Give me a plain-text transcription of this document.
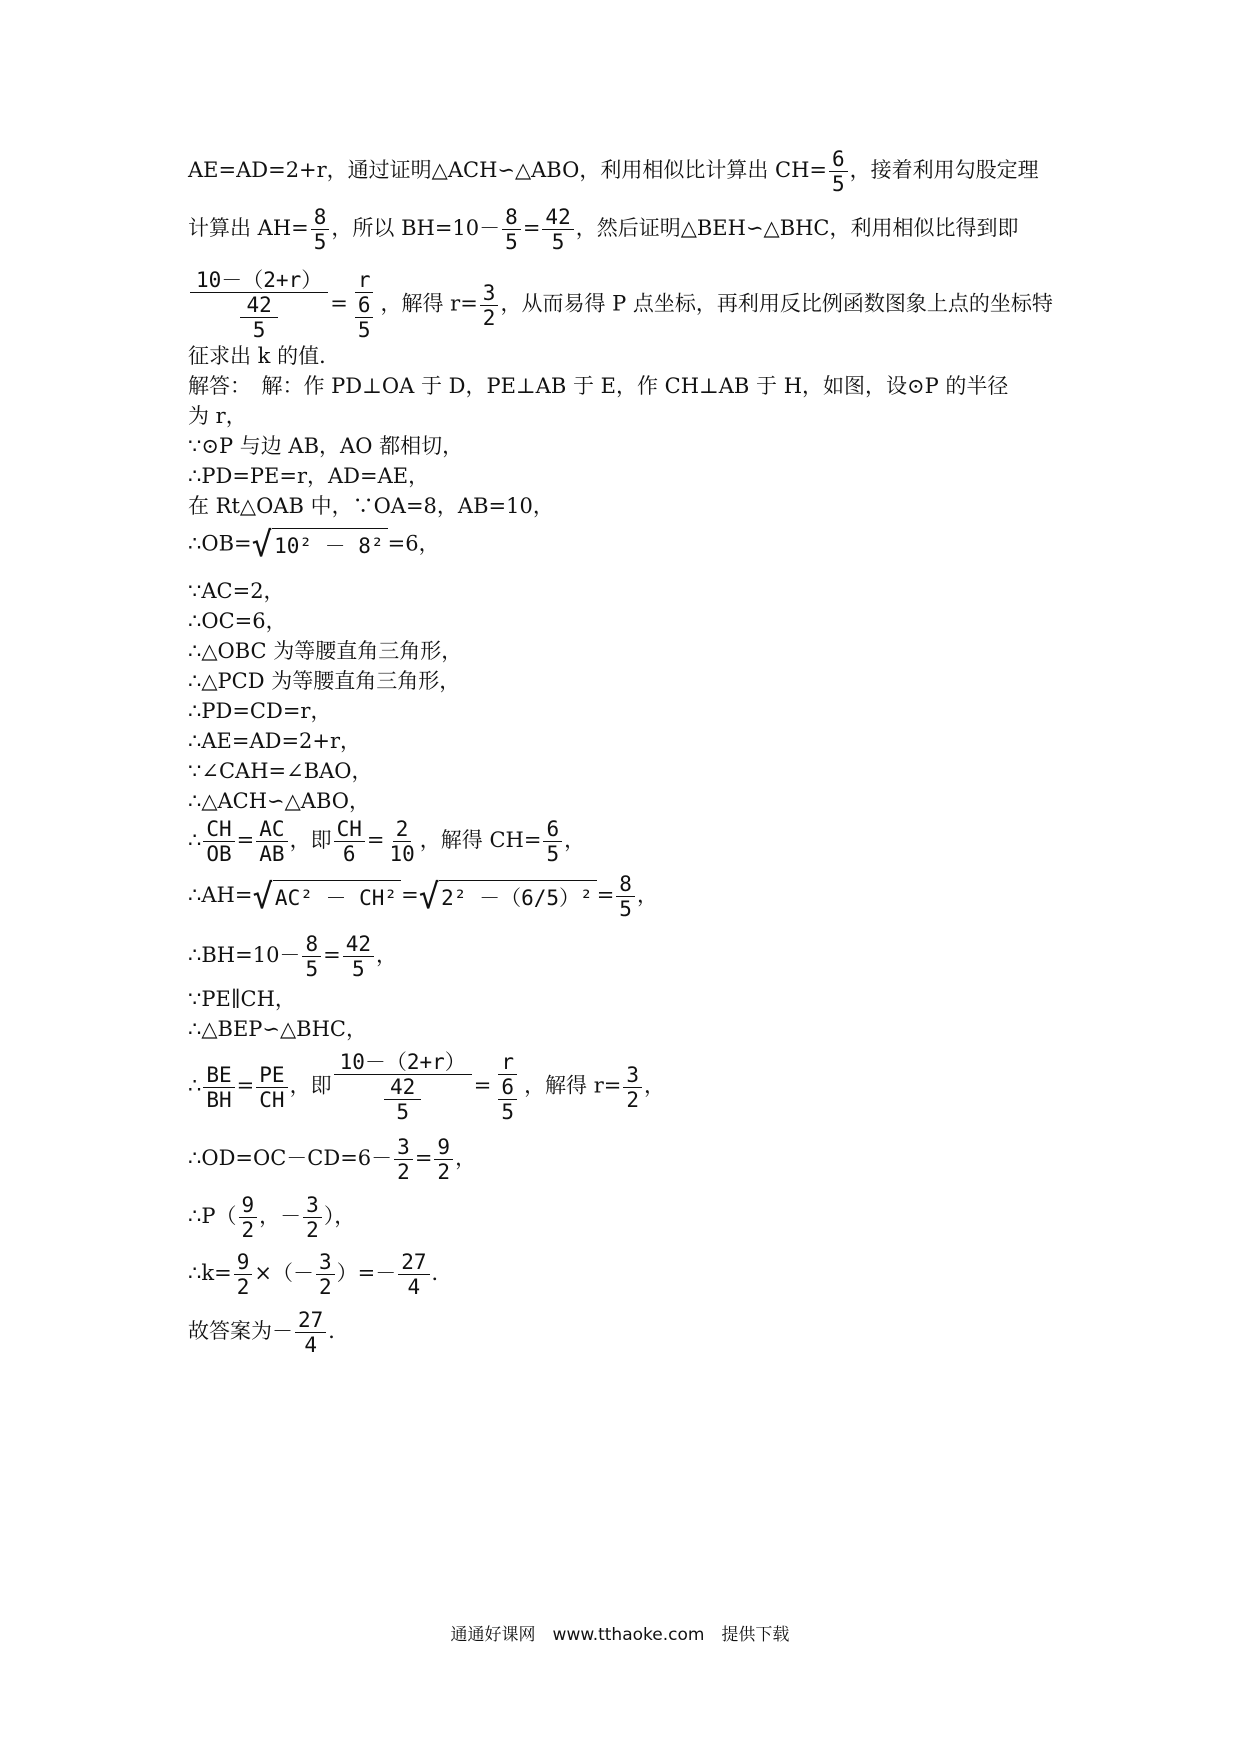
AE=AD=2+r，通过证明△ACH∽△ABO，利用相似比计算出 $CH= \frac{6}{5}$ ，接着利用勾股定理
计算出 $AH= \frac{8}{5}$ ，所以 $BH=10- \frac{8}{5} = \frac{42}{5}$ ，然后证明△BEH∽△BHC，利用相似比得到即
$\frac{10-(2+r)}{\frac{42}{5}} = \frac{r}{\frac{6}{5}}$ ，解得 $r= \frac{3}{2}$ ，从而易得 P 点坐标，再利用反比例函数图象上点的坐标特
征求出 k 的值．
解答：　解：作 PD⊥OA 于 D，PE⊥AB 于 E，作 CH⊥AB 于 H，如图，设⊙P 的半径
为 r，
∵⊙P 与边 AB，AO 都相切，
∴PD=PE=r，AD=AE，
在 Rt△OAB 中，∵OA=8，AB=10，
∴OB= √ 10² － 8² =6，
∵AC=2，
∴OC=6，
∴△OBC 为等腰直角三角形，
∴△PCD 为等腰直角三角形，
∴PD=CD=r，
∴AE=AD=2+r，
∵∠CAH=∠BAO，
∴△ACH∽△ABO，
∴ $\frac{CH}{OB} = \frac{AC}{AB}$ ，即 $\frac{CH}{6} = \frac{2}{10}$ ，解得 $CH= \frac{6}{5}$ ，
∴AH= √ AC² － CH² = √ $2^2 -(6/5)^2 = \frac{8}{5}$ ，
∴BH=10－ $\frac{8}{5} = \frac{42}{5}$ ，
∵PE∥CH，
∴△BEP∽△BHC，
∴ $\frac{BE}{BH} = \frac{PE}{CH}$ ，即 $\frac{10-(2+r)}{\frac{42}{5}} = \frac{r}{\frac{6}{5}}$ ，解得 $r= \frac{3}{2}$ ，
∴OD=OC－CD=6－ $\frac{3}{2} = \frac{9}{2}$ ，
∴P（ $\frac{9}{2}$ ，－ $\frac{3}{2}$ ），
∴k= $\frac{9}{2}$ ×（－ $\frac{3}{2}$ ）=－ $\frac{27}{4}$ ．
故答案为－ $\frac{27}{4}$ ．
通通好课网　www.tthaoke.com　提供下载
